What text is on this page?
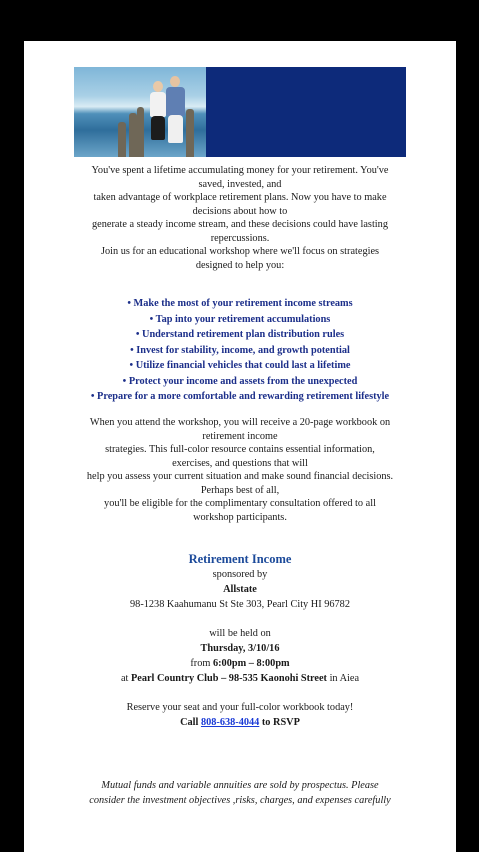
You've spent a lifetime accumulating money for your retirement. You've
saved, invested, and
taken advantage of workplace retirement plans. Now you have to make
decisions about how to
generate a steady income stream, and these decisions could have lasting
repercussions.
Join us for an educational workshop where we'll focus on strategies
designed to help you:
• Make the most of your retirement income streams
• Tap into your retirement accumulations
• Understand retirement plan distribution rules
• Invest for stability, income, and growth potential
• Utilize financial vehicles that could last a lifetime
• Protect your income and assets from the unexpected
• Prepare for a more comfortable and rewarding retirement lifestyle
When you attend the workshop, you will receive a 20-page workbook on
retirement income
strategies. This full-color resource contains essential information,
exercises, and questions that will
help you assess your current situation and make sound financial decisions.
Perhaps best of all,
you'll be eligible for the complimentary consultation offered to all
workshop participants.
Retirement Income
sponsored by
Allstate
98-1238 Kaahumanu St Ste 303, Pearl City HI 96782
will be held on
Thursday, 3/10/16
from 6:00pm – 8:00pm
at Pearl Country Club – 98-535 Kaonohi Street in Aiea
Reserve your seat and your full-color workbook today!
Call 808-638-4044 to RSVP
Mutual funds and variable annuities are sold by prospectus. Please
consider the investment objectives ,risks, charges, and expenses carefully
